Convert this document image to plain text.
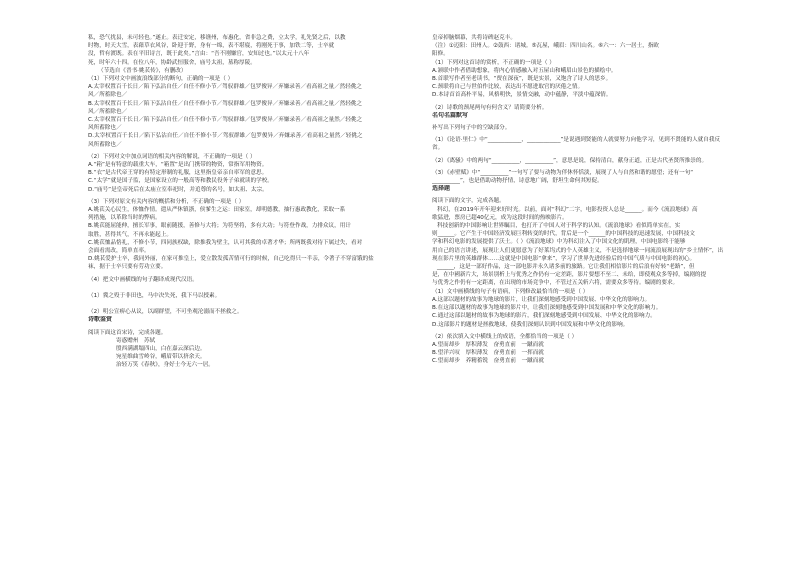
私，恐气扰县，未可轻也。”遂止。表迁安定，移谯州，布惠化，省非急之费，立太学，礼先贤之后，以教
时物，时天大雪，表藉草衣风谷，卧迎于野，身有一绵，表不堪寝，将刚死于事，加铁二等，士卒就
没，哲有渡既。表在平旧诗言，既于此矣。”言由：“吾不刚嫌官，安知过也。”以太元十八年
死，时年六十四。在位八年，协龄武恒服舍，庙号太祖，墓称厚陵。
（节选自《晋书·姚苌传》，有删改）
（1）下列对文中画波浪线部分的断句，正确的一项是（ ）
A.太宰权置百千长日／陷下弘沾自任／自任不修小节／驾驭群雄／包罗俊异／弃嫌录善／看高祖之量／然轻佻之
风／所蓄除也／
B.太宰权置百千长日／陷下弘沾自任／自任不修小节／驾驭群雄／包罗俊异／弃嫌录善／看高祖之量／然轻佻之
风／所蓄除也／
C.太宰权置百千长日／陷下弘沾自任／自任不修小节／驾驭群雄／包罗俊异／弃嫌录善／看高祖之量然／轻佻之
风所蓄除也／
D.太宰权置百千长日／陷下弘沾自任／自任不修小节／驾驭群雄／包罗俊异／弃嫌录善／看高祖之量然／轻佻之
风所蓄除也／
（2）下列对文中加点词语的相关内容的解说，不正确的一项是（ ）
A.“箱”是有特意的载重大车，“箱置”是出门携带的物资，常指军用物资。
B.“衣”是古代帝王穿的有特定形制的礼服，这里指皇帝亲自率军的意思。
C.“太学”就是国子监，是国家设立的一般高等和教民役务子弟就读的学校。
D.“庙号”是皇帝死后在太庙立室奉祀时，并追尊的名号，如太祖、太宗。
（3）下列对原文有关内容的概括和分析，不正确的一项是（ ）
A.姚苌关心民生，体恤作情。遣从严休镇浙，侯爹生之运：田家室，却明德教，抽行惠政教化，采取一系
列措施，以革除当时的弊病。
B.姚苌能屈能伸，擅长军事，眼前随援，善修与大将；为符坚将，多有大功；与符登作战，力排众议，用计
取胜，甚得其气，不再永能起上。
C.姚苌恤品恪礼，不修小节，四同族权缺，除推我为壁主，认可其我的卓著才华；所两既我对待下属过失，看对
会面看需改，简单直率。
D.姚苌爱护士卒，我同外丽，在家可推皇上，爱立散发孤苦情可行的时候，自己吃得只一半亲，令著子不穿富饿的盐
袜，据于士卒只要有劳功立要。
（4）把文中画横线的句子翻译成现代汉语。
（1）冀之殁于非田也，马中决失死，我下马以授素。
（2）明公宣痹心从议，以副群望，不可坐观沦溺而不拯救之。
诗歌鉴赏
阅读下面这首宋诗，完成各题。
寄惑赠州　苏轼
殷西满湖塌四山，白在嘉云深后边。
宛星维曲雪岭谷，峨眉带以挤余天。
治轻万笑《春秋》，身好士今无六一居。
皇帝掉脑烟幕，共将诗碑赵克丰。
（注）①迈阳：田州人。②鼓西：诸城。⑤瓦屋，峨眉：四川山名。⑥六一：六一居士，指欧
阳修。
（1）下列对这首诗的赏析，不正确的一项是（ ）
A.颔联中作者借助想象，将内心情感融入对五屋山和峨眉山景色的描绘中。
B.首联写作者至老读书，“贾在深夜”，既是实景，又饱含了诗人的思乡。
C.颈联将自己与世伯作比较，表达出不愿进取官的厌倦之情。
D.本诗首首高朴平易，风格明快，景情交融，动中蕴静，平淡中蕴深情。
（2）诗歌的颈尾两句有何含义？请简要分析。
名句名篇默写
补写出下列句子中的空缺部分。
（1）《论语·里仁》中“____________，____________”是说遇到贤能的人就要努力向他学习，见到不贤能的人就自我反
省。
（2）《离骚》中的两句“__________，__________”，意思是说，保持清白，献身正道，正是古代圣贤所推崇的。
（3）《赤壁赋》中“__________”一句写了要与动物为伴休怀恬淡，展现了人与自然和谐的愿望；还有一句“
__________”，也是借助动物抒情，诗意地广阔，舒坦生命何其短促。
选择题
阅读下面的文字，完成各题。
科幻，在2019年开年迎来好时光。以前，面对“科幻”二字，电影投资人总是______。而今《流浪地球》高
歌猛进，票房已超40亿元，成为这段时间的热映影片。
科技创新的中国影响让世界瞩目，也打开了中国人对于科学的认知。《流浪地球》看似简单实在，实
则______。它产生于中国经济发展巨利转变的时代，背后是一个______的中国科技的迅速发展，中国科技文
学和科幻电影的发展提供了沃土。（ ）《流浪地球》中为科幻注入了中国文化的肌理，中国电影终于能够
用自己的语言讲述，展现让人们更愿意为了好莱坞式的个人英雄主义，不是选择地球一同流浪展现出的“乡土情怀”，出
现在影片里的英雄群体……这就是中国电影“拿来”，学习了世界先进经验后的中国气质与中国电影的初心。
______，这是一部好作品，这一部电影并永久诸多前的旅路。它让我们相信影片的后浪有好转“老路”，但
是，在中國新片大，场景别析上与优秀之作仍有一定差距，影片要想不至二、未给，即使观众多等掉，编剧的提
与优秀之作仍有一定距离，在出现的市场竞争中，不管过五关斩六将，需要众多等待。编剧的要求。
（1）文中画横线的句子有语病，下列修改最恰当的一项是（ ）
A.这部以题材的故事为地球的影片，让我们深刻地感受到中国发展、中华文化的影响力。
B.在这部以题材的故事为地球的影片中，让我们深刻地感受到中国发展和中华文化的影响力。
C.通过这部以题材的故事为地球的影片，我们深刻地感受到中国发展、中华文化的影响力。
D.这部影片的题材是拯救地球，使我们深刻认识到中国发展和中华文化的影响。
（2）依次填入文中横线上的成语，全都恰当的一项是（ ）
A.望而却步　厚积薄发　奋勇直前　一蹴而就
B.望洋兴叹　厚积薄发　奋勇直前　一挥而就
C.望而却步　养精蓄锐　奋勇直前　一蹴而就
